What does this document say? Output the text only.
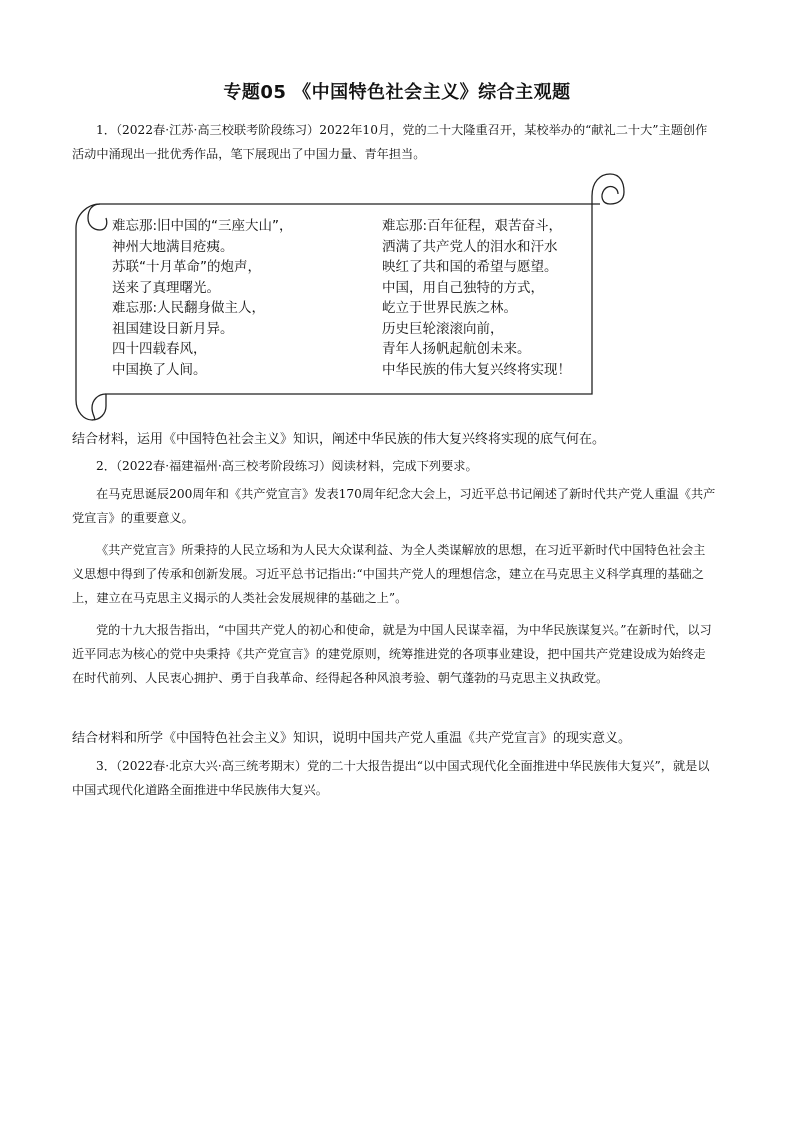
专题05 《中国特色社会主义》综合主观题
1．（2022春·江苏·高三校联考阶段练习）2022年10月，党的二十大隆重召开，某校举办的“献礼二十大”主题创作活动中涌现出一批优秀作品，笔下展现出了中国力量、青年担当。
难忘那:旧中国的“三座大山”，
神州大地满目疮痍。
苏联“十月革命”的炮声，
送来了真理曙光。
难忘那:人民翻身做主人，
祖国建设日新月异。
四十四载春风，
中国换了人间。
难忘那:百年征程，艰苦奋斗，
洒满了共产党人的泪水和汗水
映红了共和国的希望与愿望。
中国，用自己独特的方式，
屹立于世界民族之林。
历史巨轮滚滚向前，
青年人扬帆起航创未来。
中华民族的伟大复兴终将实现！
结合材料，运用《中国特色社会主义》知识，阐述中华民族的伟大复兴终将实现的底气何在。
2．（2022春·福建福州·高三校考阶段练习）阅读材料，完成下列要求。
在马克思诞辰200周年和《共产党宣言》发表170周年纪念大会上，习近平总书记阐述了新时代共产党人重温《共产党宣言》的重要意义。
《共产党宣言》所秉持的人民立场和为人民大众谋利益、为全人类谋解放的思想，在习近平新时代中国特色社会主义思想中得到了传承和创新发展。习近平总书记指出:“中国共产党人的理想信念，建立在马克思主义科学真理的基础之上，建立在马克思主义揭示的人类社会发展规律的基础之上”。
党的十九大报告指出，“中国共产党人的初心和使命，就是为中国人民谋幸福，为中华民族谋复兴。”在新时代，以习近平同志为核心的党中央秉持《共产党宣言》的建党原则，统筹推进党的各项事业建设，把中国共产党建设成为始终走在时代前列、人民衷心拥护、勇于自我革命、经得起各种风浪考验、朝气蓬勃的马克思主义执政党。
结合材料和所学《中国特色社会主义》知识，说明中国共产党人重温《共产党宣言》的现实意义。
3．（2022春·北京大兴·高三统考期末）党的二十大报告提出“以中国式现代化全面推进中华民族伟大复兴”，就是以中国式现代化道路全面推进中华民族伟大复兴。
